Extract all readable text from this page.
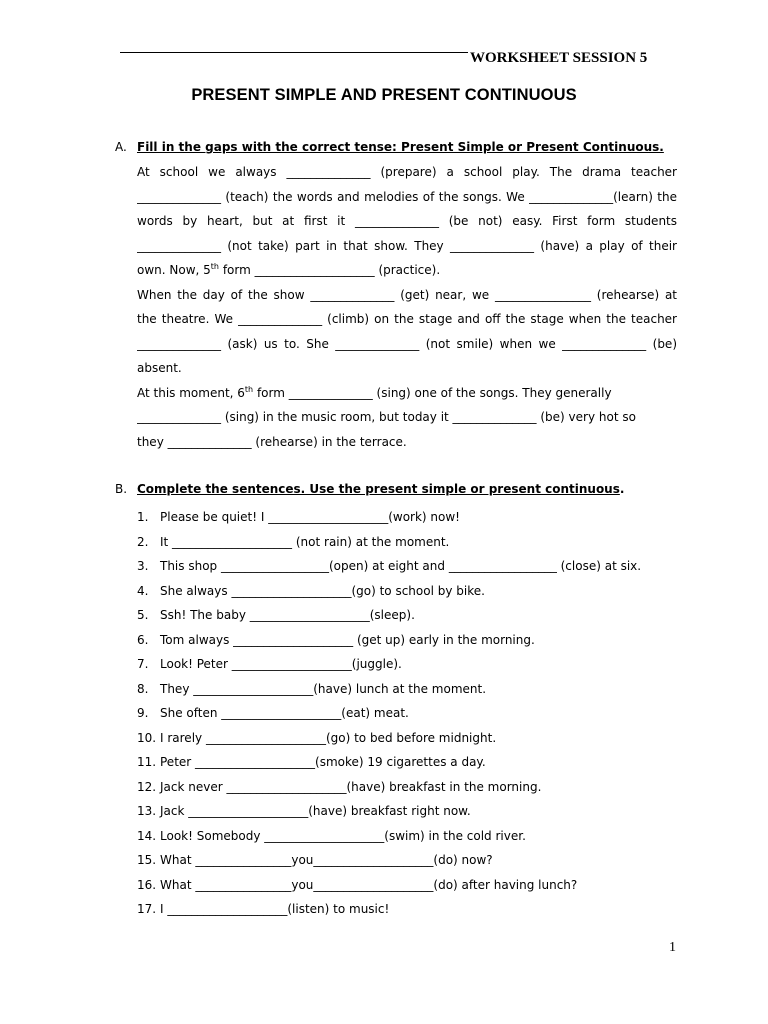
WORKSHEET SESSION 5
PRESENT SIMPLE AND PRESENT CONTINUOUS
A. Fill in the gaps with the correct tense: Present Simple or Present Continuous.
At school we always ______________ (prepare) a school play. The drama teacher
______________ (teach) the words and melodies of the songs. We ______________(learn) the
words by heart, but at first it ______________ (be not) easy. First form students
______________ (not take) part in that show. They ______________ (have) a play of their
own. Now, 5th form ____________________ (practice).
When the day of the show ______________ (get) near, we ________________ (rehearse) at
the theatre. We ______________ (climb) on the stage and off the stage when the teacher
______________ (ask) us to. She ______________ (not smile) when we ______________ (be)
absent.
At this moment, 6th form ______________ (sing) one of the songs. They generally
______________ (sing) in the music room, but today it ______________ (be) very hot so
they ______________ (rehearse) in the terrace.
B. Complete the sentences. Use the present simple or present continuous.
1. Please be quiet! I ____________________(work) now!
2. It ____________________ (not rain) at the moment.
3. This shop __________________(open) at eight and __________________ (close) at six.
4. She always ____________________(go) to school by bike.
5. Ssh! The baby ____________________(sleep).
6. Tom always ____________________ (get up) early in the morning.
7. Look! Peter ____________________(juggle).
8. They ____________________(have) lunch at the moment.
9. She often ____________________(eat) meat.
10. I rarely ____________________(go) to bed before midnight.
11. Peter ____________________(smoke) 19 cigarettes a day.
12. Jack never ____________________(have) breakfast in the morning.
13. Jack ____________________(have) breakfast right now.
14. Look! Somebody ____________________(swim) in the cold river.
15. What ________________you____________________(do) now?
16. What ________________you____________________(do) after having lunch?
17. I ____________________(listen) to music!
1
